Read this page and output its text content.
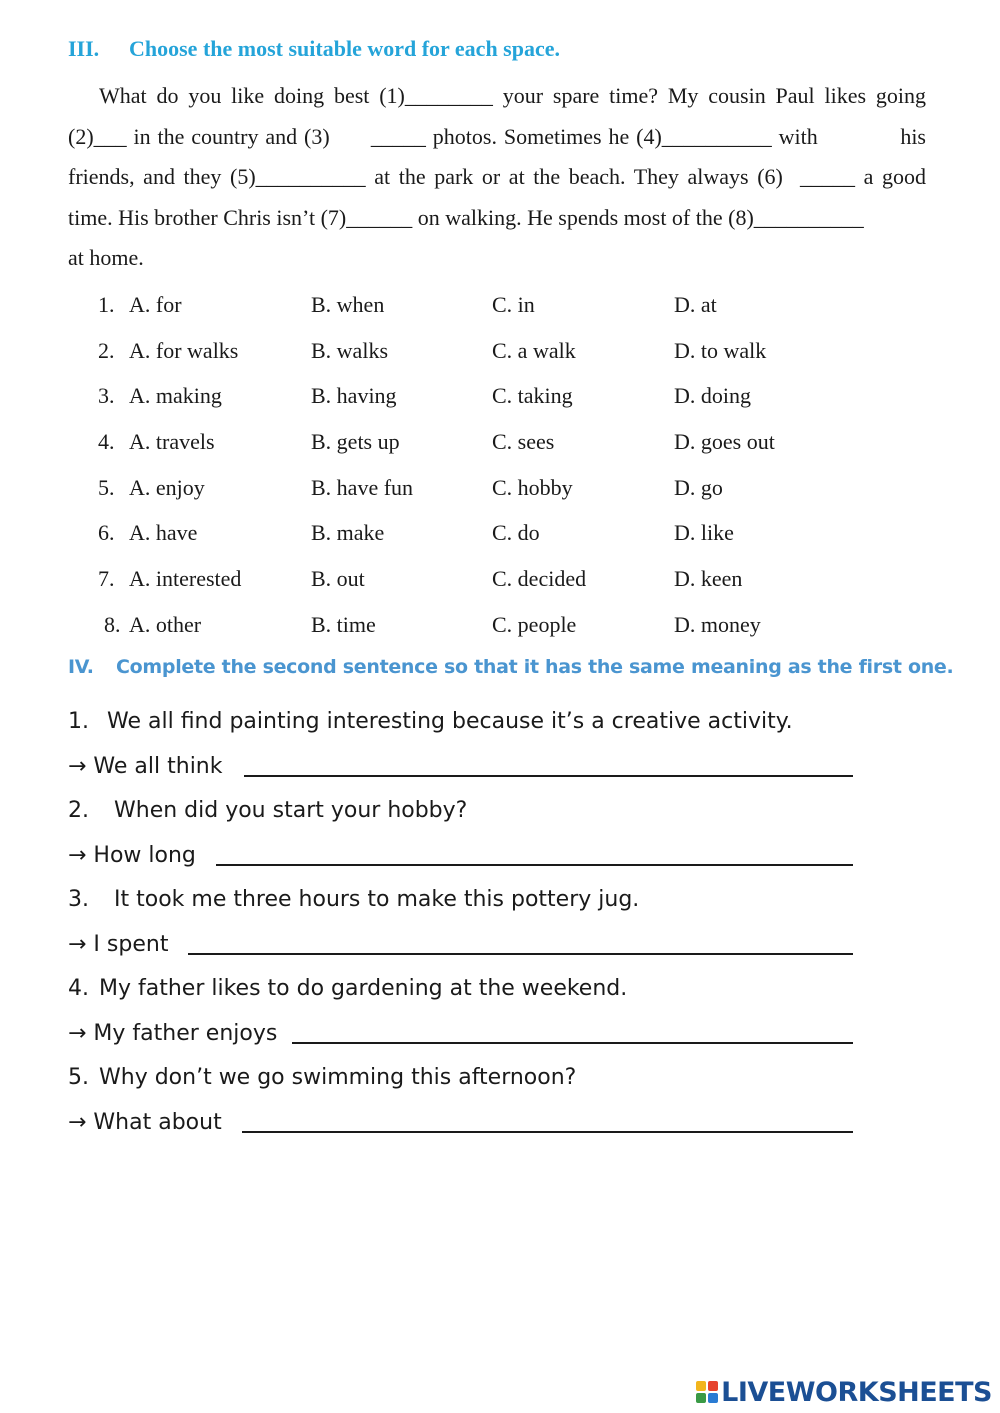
III. Choose the most suitable word for each space.
What do you like doing best (1)________ your spare time? My cousin Paul likes going
(2)___ in the country and (3)      _____ photos. Sometimes he (4)__________ with            his
friends, and they (5)__________ at the park or at the beach. They always (6)  _____ a good
time. His brother Chris isn’t (7)______ on walking. He spends most of the (8)__________
at home.
1. A. for	B. when	C. in	D. at
2. A. for walks	B. walks	C. a walk	D. to walk
3. A. making	B. having	C. taking	D. doing
4. A. travels	B. gets up	C. sees	D. goes out
5. A. enjoy	B. have fun	C. hobby	D. go
6. A. have	B. make	C. do	D. like
7. A. interested	B. out	C. decided	D. keen
8. A. other	B. time	C. people	D. money
IV. Complete the second sentence so that it has the same meaning as the first one.
1. We all find painting interesting because it’s a creative activity.
→ We all think
2. When did you start your hobby?
→ How long
3. It took me three hours to make this pottery jug.
→ I spent
4. My father likes to do gardening at the weekend.
→ My father enjoys
5. Why don’t we go swimming this afternoon?
→ What about
LIVEWORKSHEETS
